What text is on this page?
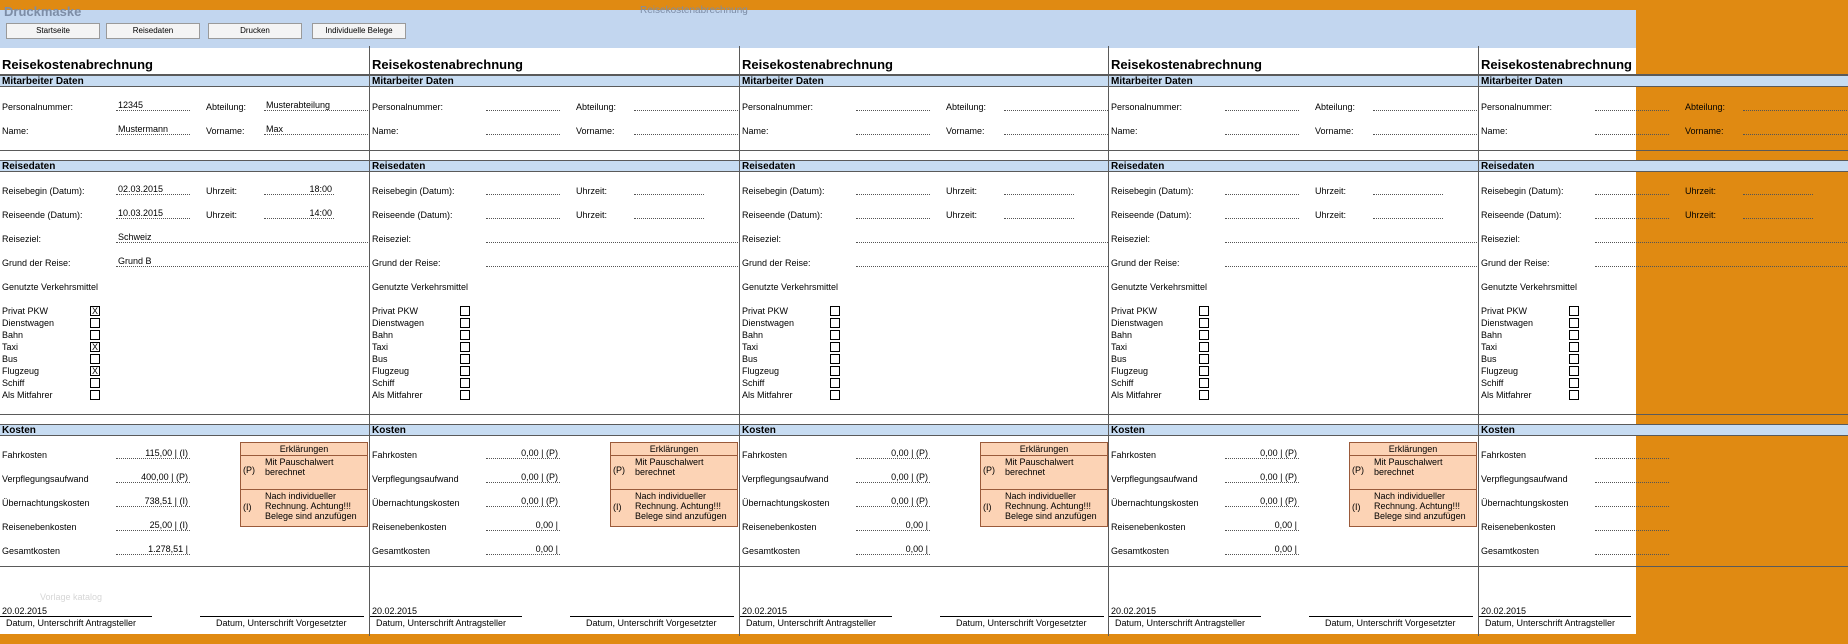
Druckmaske	Reisekostenabrechnung
Startseite	Reisedaten	Drucken	Individuelle Belege
Reisekostenabrechnung
Mitarbeiter Daten
Personalnummer:	12345	Abteilung: Musterabteilung
Name:	Mustermann	Vorname: Max
Reisedaten
Reisebegin (Datum):	02.03.2015	Uhrzeit:	18:00
Reiseende (Datum):	10.03.2015	Uhrzeit:	14:00
Reiseziel:	Schweiz
Grund der Reise:	Grund B
Genutzte Verkehrsmittel
Privat PKW	X
Dienstwagen
Bahn
Taxi	X
Bus
Flugzeug	X
Schiff
Als Mitfahrer
Kosten
Fahrkosten	115,00 | (I)
Verpflegungsaufwand	400,00 | (P)
Übernachtungskosten	738,51 | (I)
Reisenebenkosten	25,00 | (I)
Gesamtkosten	1.278,51 |
Erklärungen
(P)
Mit Pauschalwert berechnet
(I)
Nach individueller Rechnung. Achtung!!! Belege sind anzufügen
20.02.2015
Datum, Unterschrift Antragsteller	Datum, Unterschrift Vorgesetzter
Reisekostenabrechnung
Mitarbeiter Daten
Personalnummer:	Abteilung:
Name:	Vorname:
Reisedaten
Reisebegin (Datum):	Uhrzeit:
Reiseende (Datum):	Uhrzeit:
Reiseziel:
Grund der Reise:
Genutzte Verkehrsmittel
Privat PKW
Dienstwagen
Bahn
Taxi
Bus
Flugzeug
Schiff
Als Mitfahrer
Kosten
Fahrkosten	0,00 | (P)
Verpflegungsaufwand	0,00 | (P)
Übernachtungskosten	0,00 | (P)
Reisenebenkosten	0,00 |
Gesamtkosten	0,00 |
Erklärungen
(P)
Mit Pauschalwert berechnet
(I)
Nach individueller Rechnung. Achtung!!! Belege sind anzufügen
20.02.2015
Datum, Unterschrift Antragsteller	Datum, Unterschrift Vorgesetzter
Reisekostenabrechnung
Mitarbeiter Daten
Personalnummer:	Abteilung:
Name:	Vorname:
Reisedaten
Reisebegin (Datum):	Uhrzeit:
Reiseende (Datum):	Uhrzeit:
Reiseziel:
Grund der Reise:
Genutzte Verkehrsmittel
Privat PKW
Dienstwagen
Bahn
Taxi
Bus
Flugzeug
Schiff
Als Mitfahrer
Kosten
Fahrkosten	0,00 | (P)
Verpflegungsaufwand	0,00 | (P)
Übernachtungskosten	0,00 | (P)
Reisenebenkosten	0,00 |
Gesamtkosten	0,00 |
Erklärungen
(P)
Mit Pauschalwert berechnet
(I)
Nach individueller Rechnung. Achtung!!! Belege sind anzufügen
20.02.2015
Datum, Unterschrift Antragsteller	Datum, Unterschrift Vorgesetzter
Reisekostenabrechnung
Mitarbeiter Daten
Personalnummer:	Abteilung:
Name:	Vorname:
Reisedaten
Reisebegin (Datum):	Uhrzeit:
Reiseende (Datum):	Uhrzeit:
Reiseziel:
Grund der Reise:
Genutzte Verkehrsmittel
Privat PKW
Dienstwagen
Bahn
Taxi
Bus
Flugzeug
Schiff
Als Mitfahrer
Kosten
Fahrkosten	0,00 | (P)
Verpflegungsaufwand	0,00 | (P)
Übernachtungskosten	0,00 | (P)
Reisenebenkosten	0,00 |
Gesamtkosten	0,00 |
Erklärungen
(P)
Mit Pauschalwert berechnet
(I)
Nach individueller Rechnung. Achtung!!! Belege sind anzufügen
20.02.2015
Datum, Unterschrift Antragsteller	Datum, Unterschrift Vorgesetzter
Reisekostenabrechnung
Mitarbeiter Daten
Personalnummer:	Abteilung:
Name:	Vorname:
Reisedaten
Reisebegin (Datum):	Uhrzeit:
Reiseende (Datum):	Uhrzeit:
Reiseziel:
Grund der Reise:
Genutzte Verkehrsmittel
Privat PKW
Dienstwagen
Bahn
Taxi
Bus
Flugzeug
Schiff
Als Mitfahrer
Kosten
Fahrkosten
Verpflegungsaufwand
Übernachtungskosten
Reisenebenkosten
Gesamtkosten
20.02.2015
Datum, Unterschrift Antragsteller
Vorlage katalog
